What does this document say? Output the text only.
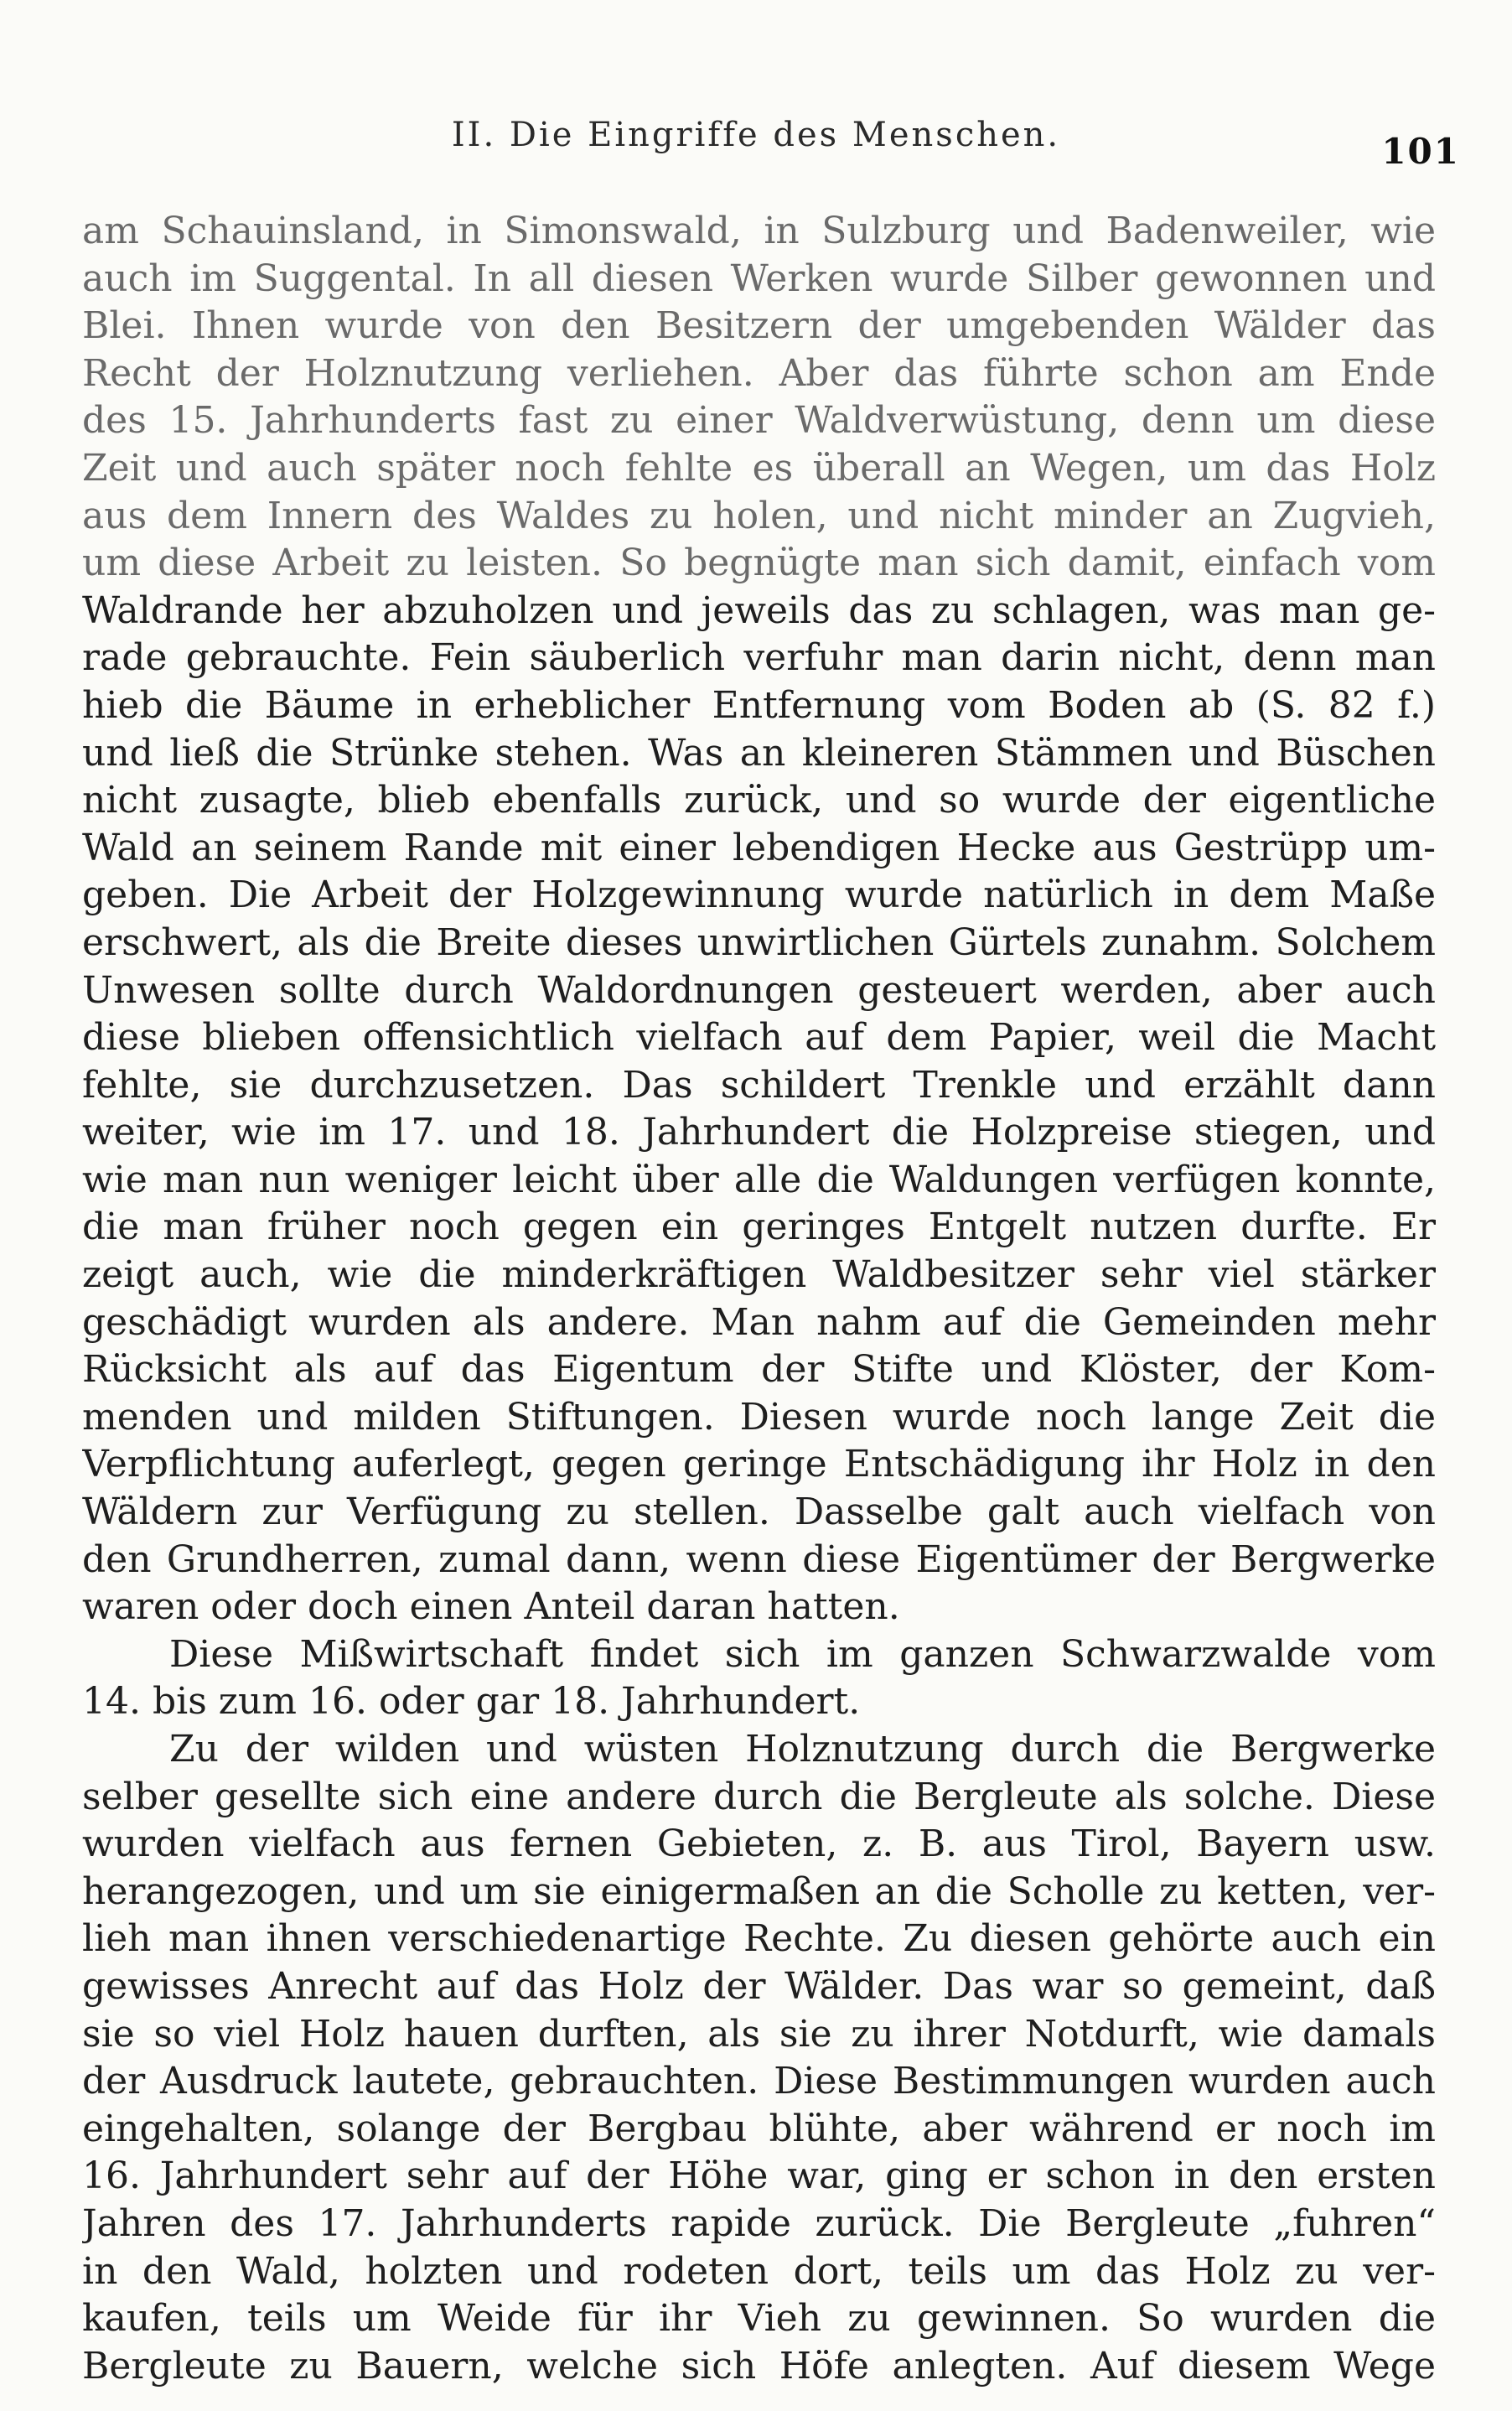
II. Die Eingriffe des Menschen.	101
am Schauinsland, in Simonswald, in Sulzburg und Badenweiler, wie
auch im Suggental. In all diesen Werken wurde Silber gewonnen und
Blei. Ihnen wurde von den Besitzern der umgebenden Wälder das
Recht der Holznutzung verliehen. Aber das führte schon am Ende
des 15. Jahrhunderts fast zu einer Waldverwüstung, denn um diese
Zeit und auch später noch fehlte es überall an Wegen, um das Holz
aus dem Innern des Waldes zu holen, und nicht minder an Zugvieh,
um diese Arbeit zu leisten. So begnügte man sich damit, einfach vom
Waldrande her abzuholzen und jeweils das zu schlagen, was man ge-
rade gebrauchte. Fein säuberlich verfuhr man darin nicht, denn man
hieb die Bäume in erheblicher Entfernung vom Boden ab (S. 82 f.)
und ließ die Strünke stehen. Was an kleineren Stämmen und Büschen
nicht zusagte, blieb ebenfalls zurück, und so wurde der eigentliche
Wald an seinem Rande mit einer lebendigen Hecke aus Gestrüpp um-
geben. Die Arbeit der Holzgewinnung wurde natürlich in dem Maße
erschwert, als die Breite dieses unwirtlichen Gürtels zunahm. Solchem
Unwesen sollte durch Waldordnungen gesteuert werden, aber auch
diese blieben offensichtlich vielfach auf dem Papier, weil die Macht
fehlte, sie durchzusetzen. Das schildert Trenkle und erzählt dann
weiter, wie im 17. und 18. Jahrhundert die Holzpreise stiegen, und
wie man nun weniger leicht über alle die Waldungen verfügen konnte,
die man früher noch gegen ein geringes Entgelt nutzen durfte. Er
zeigt auch, wie die minderkräftigen Waldbesitzer sehr viel stärker
geschädigt wurden als andere. Man nahm auf die Gemeinden mehr
Rücksicht als auf das Eigentum der Stifte und Klöster, der Kom-
menden und milden Stiftungen. Diesen wurde noch lange Zeit die
Verpflichtung auferlegt, gegen geringe Entschädigung ihr Holz in den
Wäldern zur Verfügung zu stellen. Dasselbe galt auch vielfach von
den Grundherren, zumal dann, wenn diese Eigentümer der Bergwerke
waren oder doch einen Anteil daran hatten.
Diese Mißwirtschaft findet sich im ganzen Schwarzwalde vom
14. bis zum 16. oder gar 18. Jahrhundert.
Zu der wilden und wüsten Holznutzung durch die Bergwerke
selber gesellte sich eine andere durch die Bergleute als solche. Diese
wurden vielfach aus fernen Gebieten, z. B. aus Tirol, Bayern usw.
herangezogen, und um sie einigermaßen an die Scholle zu ketten, ver-
lieh man ihnen verschiedenartige Rechte. Zu diesen gehörte auch ein
gewisses Anrecht auf das Holz der Wälder. Das war so gemeint, daß
sie so viel Holz hauen durften, als sie zu ihrer Notdurft, wie damals
der Ausdruck lautete, gebrauchten. Diese Bestimmungen wurden auch
eingehalten, solange der Bergbau blühte, aber während er noch im
16. Jahrhundert sehr auf der Höhe war, ging er schon in den ersten
Jahren des 17. Jahrhunderts rapide zurück. Die Bergleute „fuhren“
in den Wald, holzten und rodeten dort, teils um das Holz zu ver-
kaufen, teils um Weide für ihr Vieh zu gewinnen. So wurden die
Bergleute zu Bauern, welche sich Höfe anlegten. Auf diesem Wege
